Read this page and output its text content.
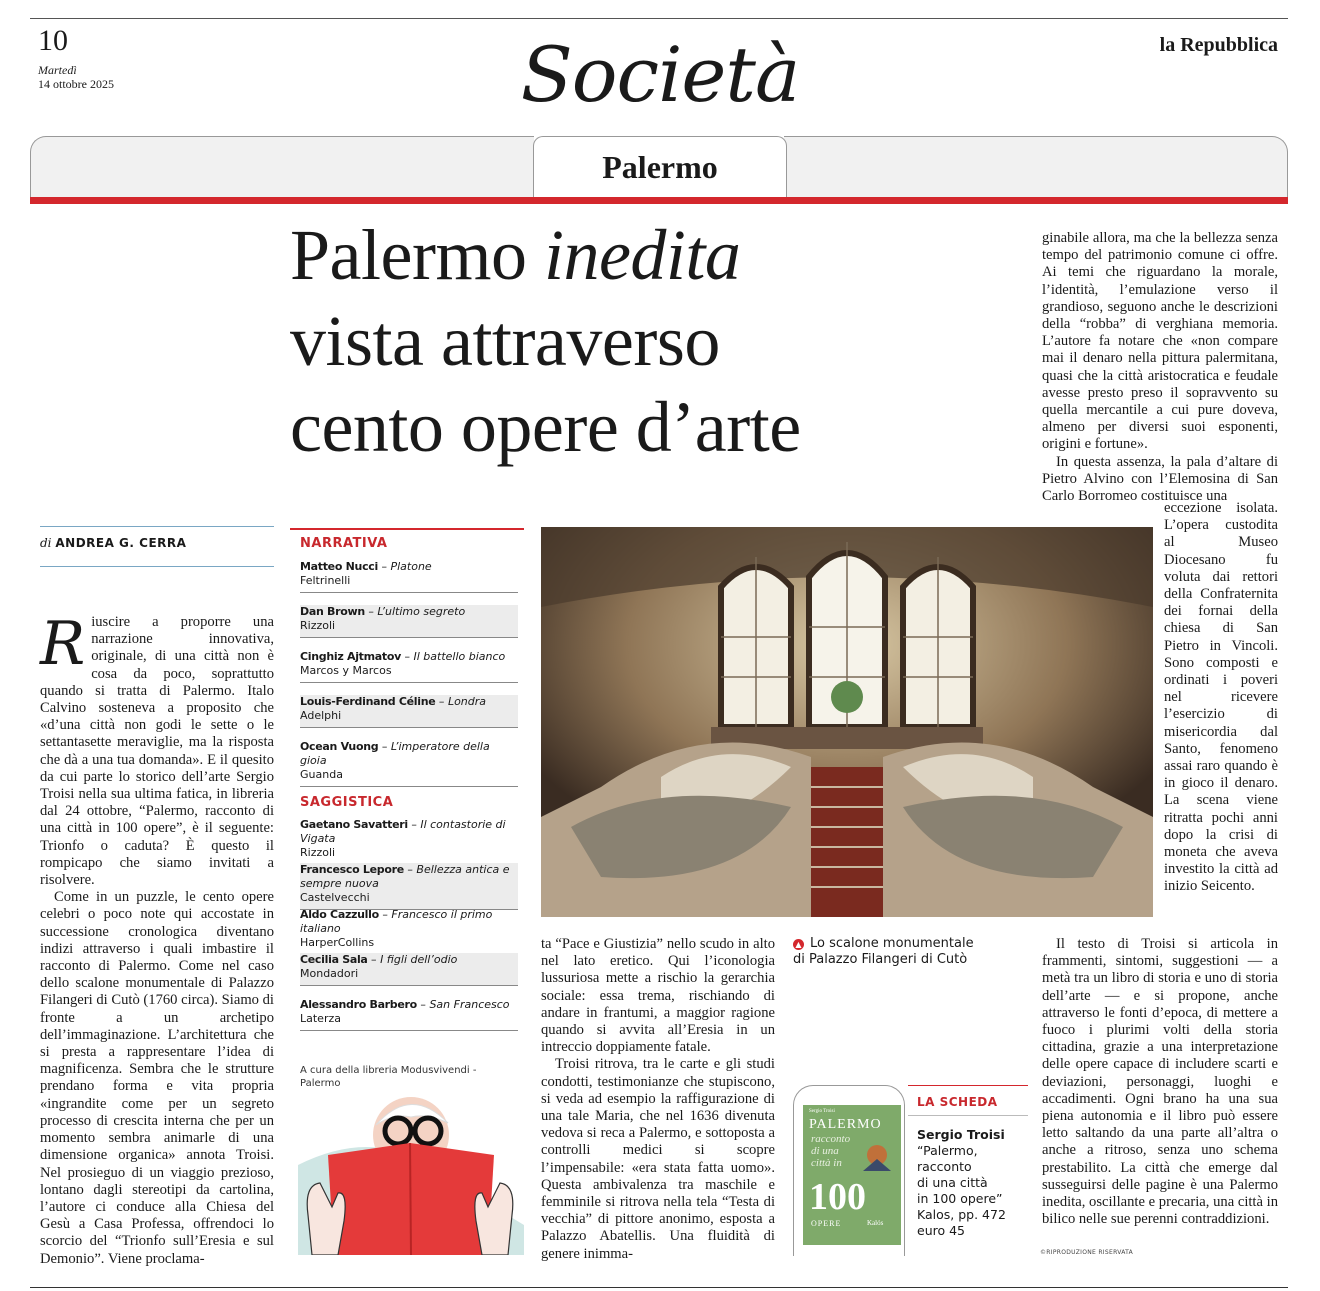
10
Martedì
14 ottobre 2025	Società	la Repubblica
Palermo
Palermo inedita
vista attraverso
cento opere d’arte
di ANDREA G. CERRA

Riuscire a proporre una narrazione innovativa, originale, di una città non è cosa da poco, soprattutto quando si tratta di Palermo. Italo Calvino sosteneva a proposito che «d’una città non godi le sette o le settantasette meraviglie, ma la risposta che dà a una tua domanda». E il quesito da cui parte lo storico dell’arte Sergio Troisi nella sua ultima fatica, in libreria dal 24 ottobre, “Palermo, racconto di una città in 100 opere”, è il seguente: Trionfo o caduta? È questo il rompicapo che siamo invitati a risolvere.

Come in un puzzle, le cento opere celebri o poco note qui accostate in successione cronologica diventano indizi attraverso i quali imbastire il racconto di Palermo. Come nel caso dello scalone monumentale di Palazzo Filangeri di Cutò (1760 circa). Siamo di fronte a un archetipo dell’immaginazione. L’architettura che si presta a rappresentare l’idea di magnificenza. Sembra che le strutture prendano forma e vita propria «ingrandite come per un segreto processo di crescita interna che per un momento sembra animarle di una dimensione organica» annota Troisi. Nel prosieguo di un viaggio prezioso, lontano dagli stereotipi da cartolina, l’autore ci conduce alla Chiesa del Gesù a Casa Professa, offrendoci lo scorcio del “Trionfo sull’Eresia e sul Demonio”. Viene proclama-

NARRATIVA
Matteo Nucci – Platone
Feltrinelli
Dan Brown – L’ultimo segreto
Rizzoli
Cinghiz Ajtmatov – Il battello bianco
Marcos y Marcos
Louis-Ferdinand Céline – Londra
Adelphi
Ocean Vuong – L’imperatore della gioia
Guanda
SAGGISTICA
Gaetano Savatteri – Il contastorie di Vigata
Rizzoli
Francesco Lepore – Bellezza antica e sempre nuova
Castelvecchi
Aldo Cazzullo – Francesco il primo italiano
HarperCollins
Cecilia Sala – I figli dell’odio
Mondadori
Alessandro Barbero – San Francesco
Laterza
A cura della libreria Modusvivendi - Palermo

ta “Pace e Giustizia” nello scudo in alto nel lato eretico. Qui l’iconologia lussuriosa mette a rischio la gerarchia sociale: essa trema, rischiando di andare in frantumi, a maggior ragione quando si avvita all’Eresia in un intreccio doppiamente fatale.

Troisi ritrova, tra le carte e gli studi condotti, testimonianze che stupiscono, si veda ad esempio la raffigurazione di una tale Maria, che nel 1636 divenuta vedova si reca a Palermo, e sottoposta a controlli medici si scopre l’impensabile: «era stata fatta uomo». Questa ambivalenza tra maschile e femminile si ritrova nella tela “Testa di vecchia” di pittore anonimo, esposta a Palazzo Abatellis. Una fluidità di genere inimma-

▲ Lo scalone monumentale
di Palazzo Filangeri di Cutò
Sergio Troisi
PALERMO
racconto
di una
città in
100
OPERE	Kalós
LA SCHEDA
Sergio Troisi
“Palermo,
racconto
di una città
in 100 opere”
Kalos, pp. 472
euro 45

ginabile allora, ma che la bellezza senza tempo del patrimonio comune ci offre. Ai temi che riguardano la morale, l’identità, l’emulazione verso il grandioso, seguono anche le descrizioni della “robba” di verghiana memoria. L’autore fa notare che «non compare mai il denaro nella pittura palermitana, quasi che la città aristocratica e feudale avesse presto preso il sopravvento su quella mercantile a cui pure doveva, almeno per diversi suoi esponenti, origini e fortune».

In questa assenza, la pala d’altare di Pietro Alvino con l’Elemosina di San Carlo Borromeo costituisce una

eccezione isolata. L’opera custodita al Museo Diocesano fu voluta dai rettori della Confraternita dei fornai della chiesa di San Pietro in Vincoli. Sono composti e ordinati i poveri nel ricevere l’esercizio di misericordia dal Santo, fenomeno assai raro quando è in gioco il denaro. La scena viene ritratta pochi anni dopo la crisi di moneta che aveva investito la città ad inizio Seicento.

Il testo di Troisi si articola in frammenti, sintomi, suggestioni — a metà tra un libro di storia e uno di storia dell’arte — e si propone, anche attraverso le fonti d’epoca, di mettere a fuoco i plurimi volti della storia cittadina, grazie a una interpretazione delle opere capace di includere scarti e deviazioni, personaggi, luoghi e accadimenti. Ogni brano ha una sua piena autonomia e il libro può essere letto saltando da una parte all’altra o anche a ritroso, senza uno schema prestabilito. La città che emerge dal susseguirsi delle pagine è una Palermo inedita, oscillante e precaria, una città in bilico nelle sue perenni contraddizioni.

©RIPRODUZIONE RISERVATA
